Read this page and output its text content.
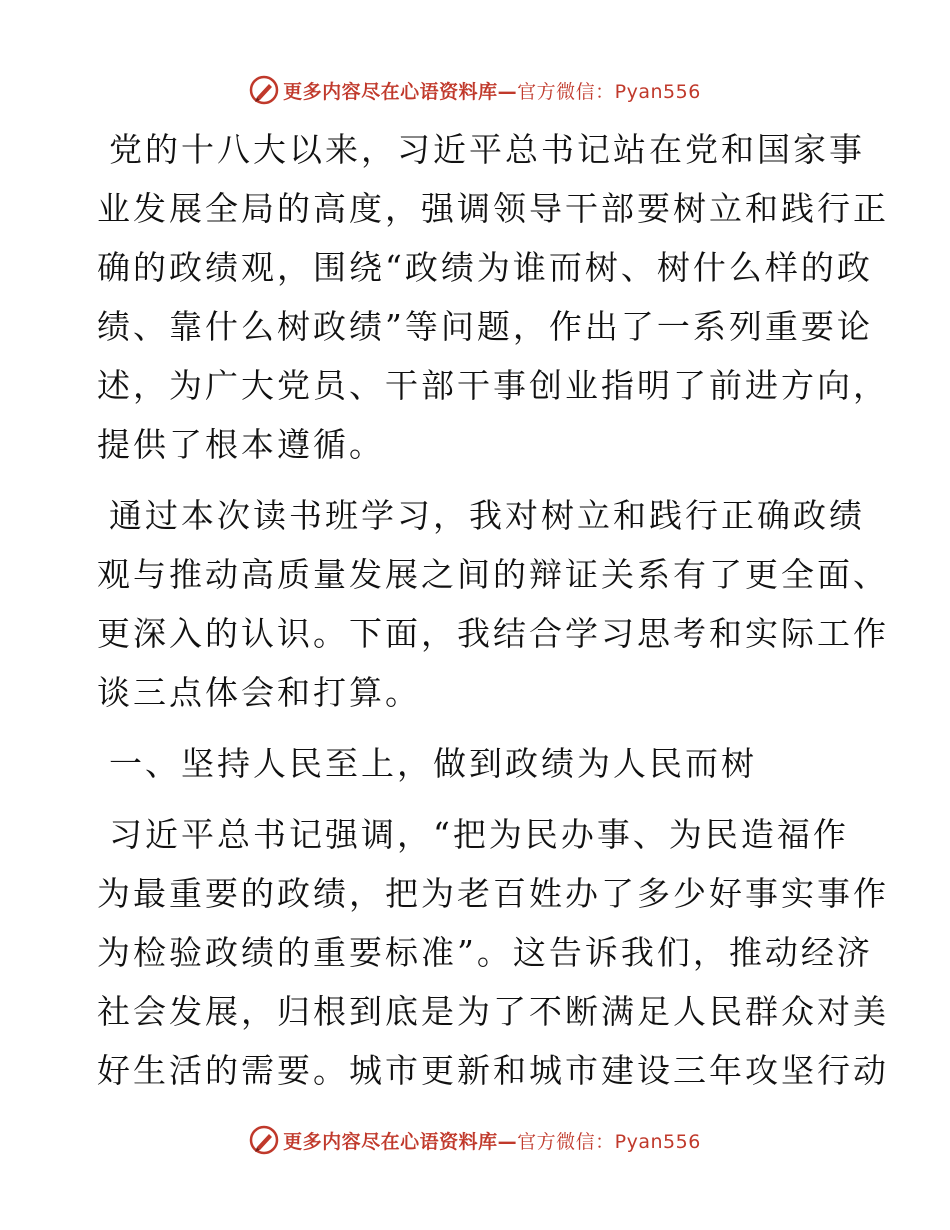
更多内容尽在心语资料库—官方微信：Pyan556

党的十八大以来，习近平总书记站在党和国家事
业发展全局的高度，强调领导干部要树立和践行正
确的政绩观，围绕“政绩为谁而树、树什么样的政
绩、靠什么树政绩”等问题，作出了一系列重要论
述，为广大党员、干部干事创业指明了前进方向，
提供了根本遵循。

通过本次读书班学习，我对树立和践行正确政绩
观与推动高质量发展之间的辩证关系有了更全面、
更深入的认识。下面，我结合学习思考和实际工作
谈三点体会和打算。

一、坚持人民至上，做到政绩为人民而树

习近平总书记强调，“把为民办事、为民造福作
为最重要的政绩，把为老百姓办了多少好事实事作
为检验政绩的重要标准”。这告诉我们，推动经济
社会发展，归根到底是为了不断满足人民群众对美
好生活的需要。城市更新和城市建设三年攻坚行动

更多内容尽在心语资料库—官方微信：Pyan556
